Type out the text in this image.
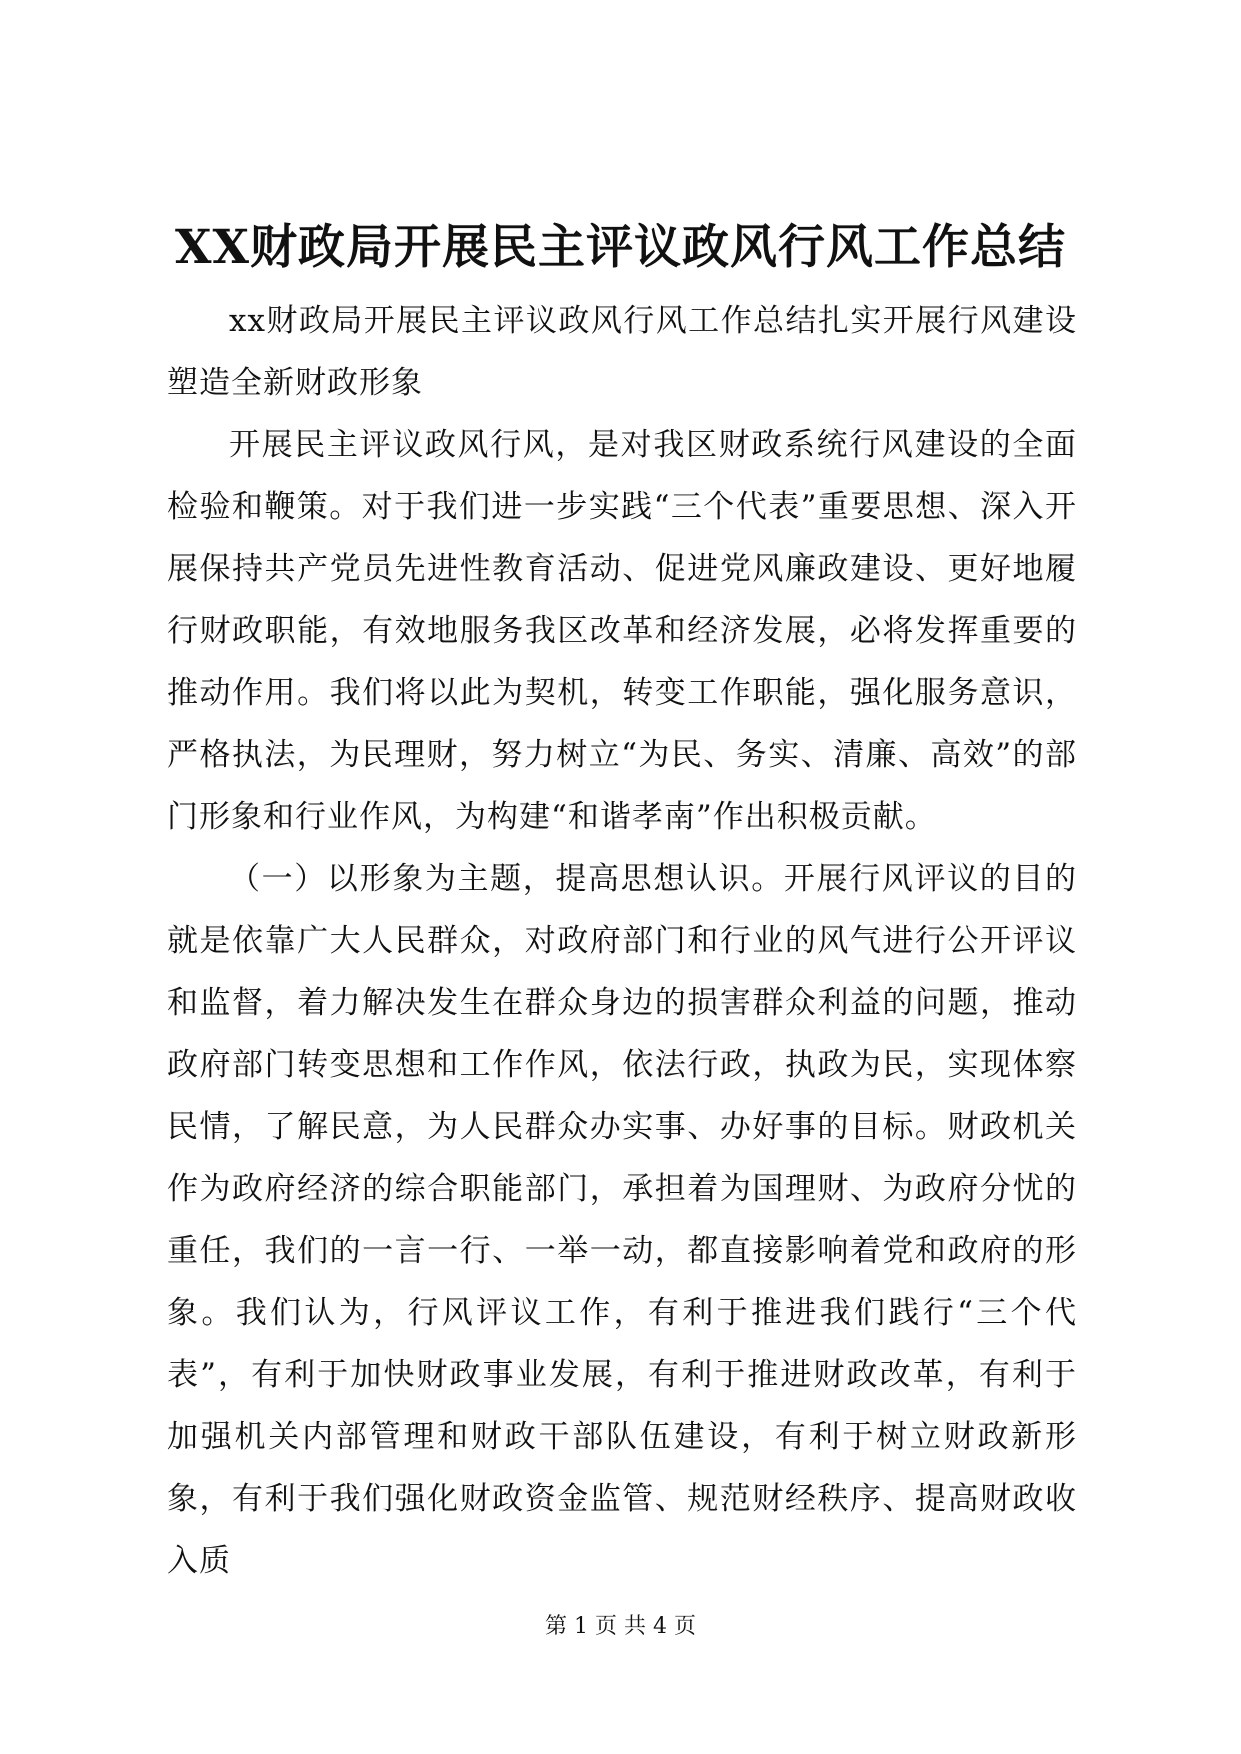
XX财政局开展民主评议政风行风工作总结

xx财政局开展民主评议政风行风工作总结扎实开展行风建设塑造全新财政形象

开展民主评议政风行风，是对我区财政系统行风建设的全面检验和鞭策。对于我们进一步实践“三个代表”重要思想、深入开展保持共产党员先进性教育活动、促进党风廉政建设、更好地履行财政职能，有效地服务我区改革和经济发展，必将发挥重要的推动作用。我们将以此为契机，转变工作职能，强化服务意识，严格执法，为民理财，努力树立“为民、务实、清廉、高效”的部门形象和行业作风，为构建“和谐孝南”作出积极贡献。

（一）以形象为主题，提高思想认识。开展行风评议的目的就是依靠广大人民群众，对政府部门和行业的风气进行公开评议和监督，着力解决发生在群众身边的损害群众利益的问题，推动政府部门转变思想和工作作风，依法行政，执政为民，实现体察民情，了解民意，为人民群众办实事、办好事的目标。财政机关作为政府经济的综合职能部门，承担着为国理财、为政府分忧的重任，我们的一言一行、一举一动，都直接影响着党和政府的形象。我们认为，行风评议工作，有利于推进我们践行“三个代表”，有利于加快财政事业发展，有利于推进财政改革，有利于加强机关内部管理和财政干部队伍建设，有利于树立财政新形象，有利于我们强化财政资金监管、规范财经秩序、提高财政收入质

第 1 页 共 4 页
